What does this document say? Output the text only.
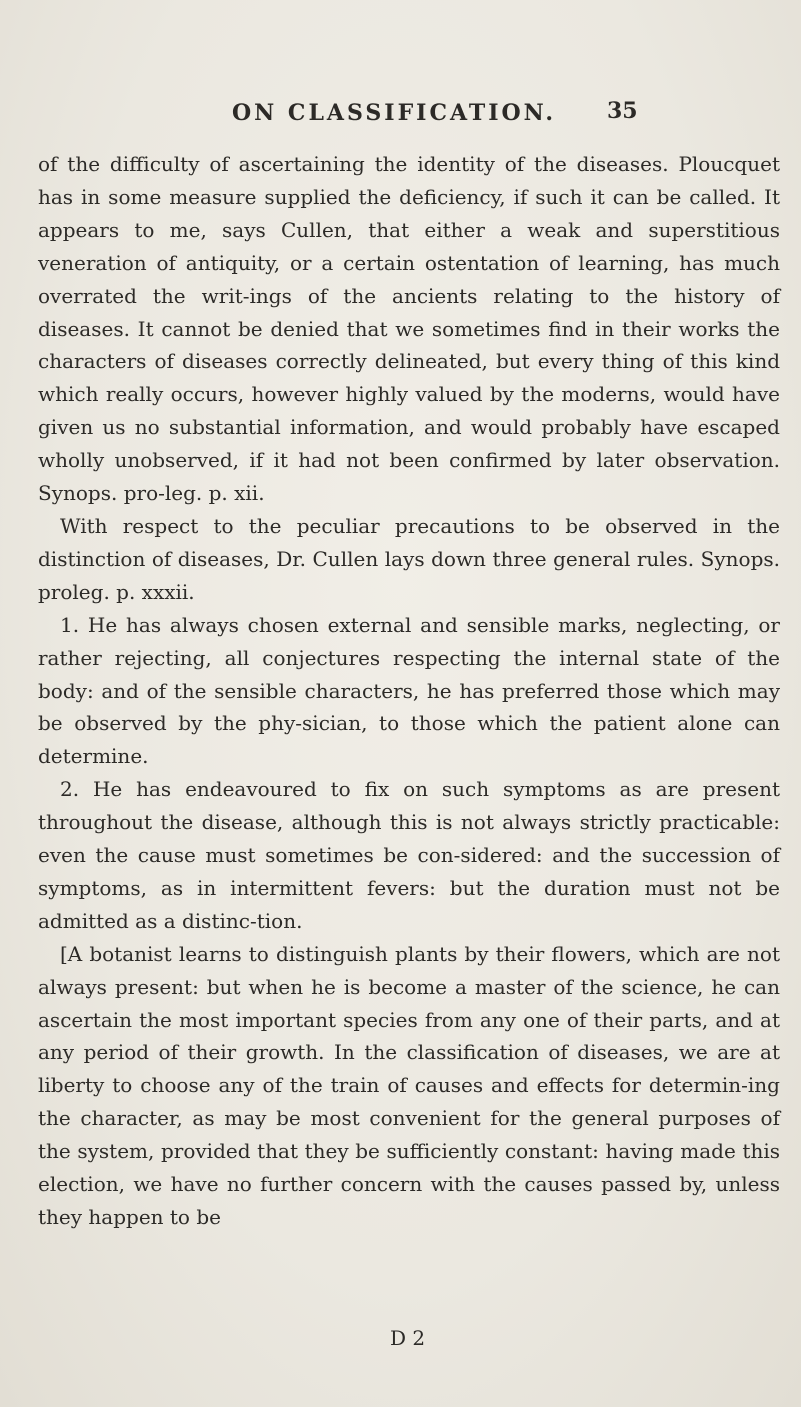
ON CLASSIFICATION. 35

of the difficulty of ascertaining the identity of the diseases. Ploucquet has in some measure supplied the deficiency, if such it can be called. It appears to me, says Cullen, that either a weak and superstitious veneration of antiquity, or a certain ostentation of learning, has much overrated the writ-ings of the ancients relating to the history of diseases. It cannot be denied that we sometimes find in their works the characters of diseases correctly delineated, but every thing of this kind which really occurs, however highly valued by the moderns, would have given us no substantial information, and would probably have escaped wholly unobserved, if it had not been confirmed by later observation. Synops. pro-leg. p. xii.

With respect to the peculiar precautions to be observed in the distinction of diseases, Dr. Cullen lays down three general rules. Synops. proleg. p. xxxii.

1. He has always chosen external and sensible marks, neglecting, or rather rejecting, all conjectures respecting the internal state of the body: and of the sensible characters, he has preferred those which may be observed by the phy-sician, to those which the patient alone can determine.

2. He has endeavoured to fix on such symptoms as are present throughout the disease, although this is not always strictly practicable: even the cause must sometimes be con-sidered: and the succession of symptoms, as in intermittent fevers: but the duration must not be admitted as a distinc-tion.

[A botanist learns to distinguish plants by their flowers, which are not always present: but when he is become a master of the science, he can ascertain the most important species from any one of their parts, and at any period of their growth. In the classification of diseases, we are at liberty to choose any of the train of causes and effects for determin-ing the character, as may be most convenient for the general purposes of the system, provided that they be sufficiently constant: having made this election, we have no further concern with the causes passed by, unless they happen to be

D 2
